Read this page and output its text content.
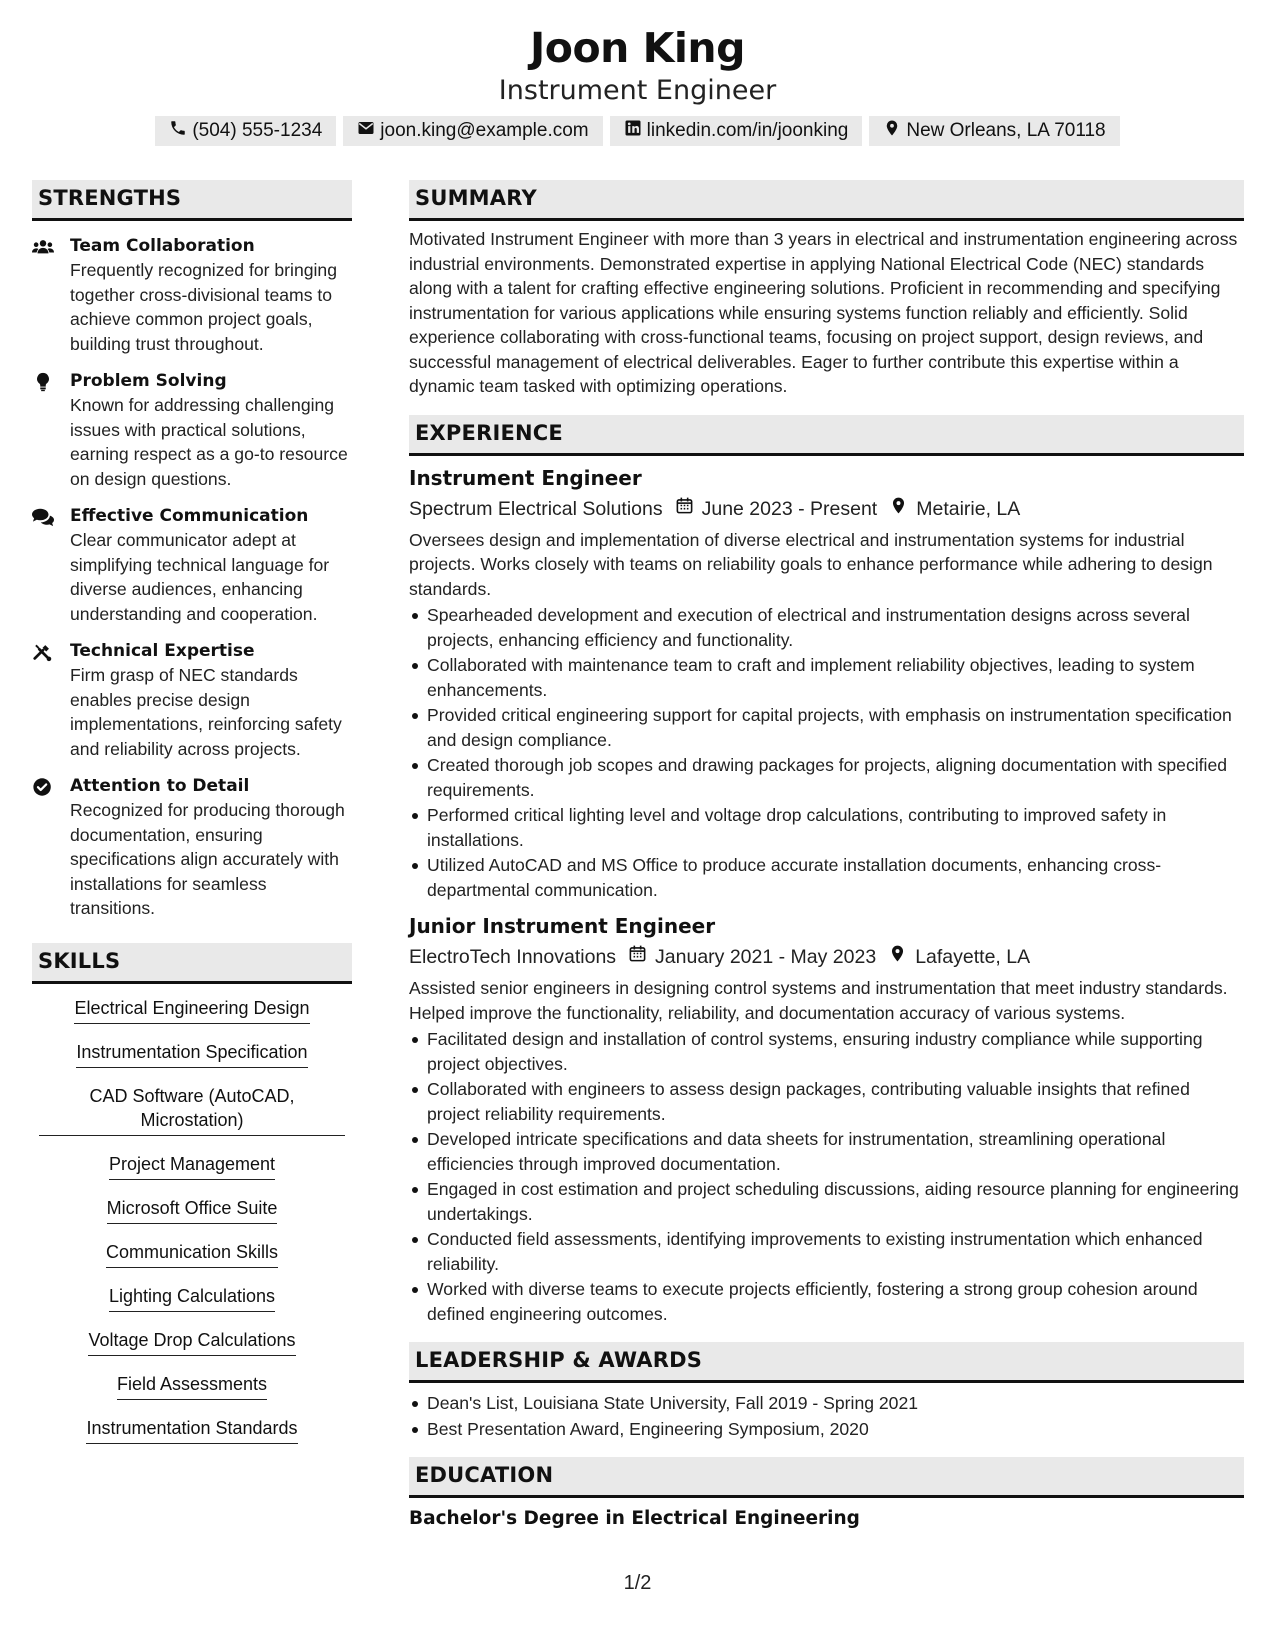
Joon King
Instrument Engineer
(504) 555-1234	joon.king@example.com	linkedin.com/in/joonking	New Orleans, LA 70118
STRENGTHS
Team Collaboration
Frequently recognized for bringing together cross-divisional teams to achieve common project goals, building trust throughout.
Problem Solving
Known for addressing challenging issues with practical solutions, earning respect as a go-to resource on design questions.
Effective Communication
Clear communicator adept at simplifying technical language for diverse audiences, enhancing understanding and cooperation.
Technical Expertise
Firm grasp of NEC standards enables precise design implementations, reinforcing safety and reliability across projects.
Attention to Detail
Recognized for producing thorough documentation, ensuring specifications align accurately with installations for seamless transitions.
SKILLS
Electrical Engineering Design
Instrumentation Specification
CAD Software (AutoCAD, Microstation)
Project Management
Microsoft Office Suite
Communication Skills
Lighting Calculations
Voltage Drop Calculations
Field Assessments
Instrumentation Standards
SUMMARY
Motivated Instrument Engineer with more than 3 years in electrical and instrumentation engineering across industrial environments. Demonstrated expertise in applying National Electrical Code (NEC) standards along with a talent for crafting effective engineering solutions. Proficient in recommending and specifying instrumentation for various applications while ensuring systems function reliably and efficiently. Solid experience collaborating with cross-functional teams, focusing on project support, design reviews, and successful management of electrical deliverables. Eager to further contribute this expertise within a dynamic team tasked with optimizing operations.
EXPERIENCE
Instrument Engineer
Spectrum Electrical Solutions June 2023 - Present Metairie, LA
Oversees design and implementation of diverse electrical and instrumentation systems for industrial projects. Works closely with teams on reliability goals to enhance performance while adhering to design standards.
Spearheaded development and execution of electrical and instrumentation designs across several projects, enhancing efficiency and functionality.
Collaborated with maintenance team to craft and implement reliability objectives, leading to system enhancements.
Provided critical engineering support for capital projects, with emphasis on instrumentation specification and design compliance.
Created thorough job scopes and drawing packages for projects, aligning documentation with specified requirements.
Performed critical lighting level and voltage drop calculations, contributing to improved safety in installations.
Utilized AutoCAD and MS Office to produce accurate installation documents, enhancing cross-departmental communication.
Junior Instrument Engineer
ElectroTech Innovations January 2021 - May 2023 Lafayette, LA
Assisted senior engineers in designing control systems and instrumentation that meet industry standards. Helped improve the functionality, reliability, and documentation accuracy of various systems.
Facilitated design and installation of control systems, ensuring industry compliance while supporting project objectives.
Collaborated with engineers to assess design packages, contributing valuable insights that refined project reliability requirements.
Developed intricate specifications and data sheets for instrumentation, streamlining operational efficiencies through improved documentation.
Engaged in cost estimation and project scheduling discussions, aiding resource planning for engineering undertakings.
Conducted field assessments, identifying improvements to existing instrumentation which enhanced reliability.
Worked with diverse teams to execute projects efficiently, fostering a strong group cohesion around defined engineering outcomes.
LEADERSHIP & AWARDS
Dean's List, Louisiana State University, Fall 2019 - Spring 2021
Best Presentation Award, Engineering Symposium, 2020
EDUCATION
Bachelor's Degree in Electrical Engineering
1/2
